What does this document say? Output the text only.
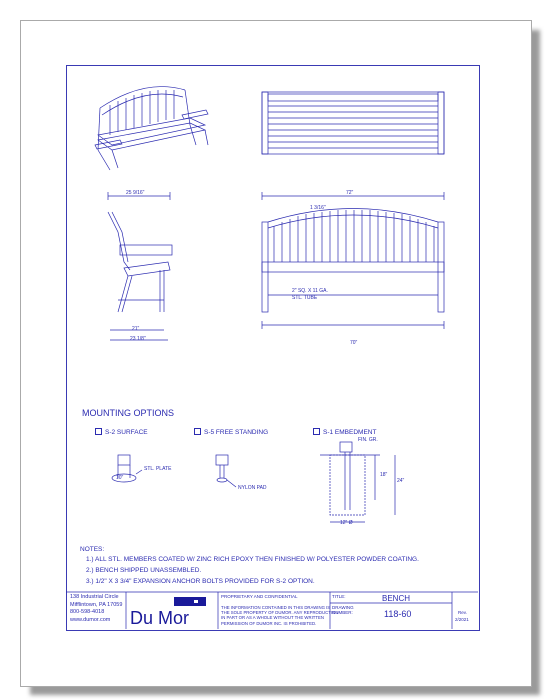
25 9/16"	72"
1 3/16"
21"
23 1/8"
70"
2" SQ. X 11 GA.
STL. TUBE
MOUNTING OPTIONS
S-2 SURFACE	S-5 FREE STANDING	S-1 EMBEDMENT
STL. PLATE
10"
NYLON PAD
FIN. GR.
18"
24"
12" Ø
NOTES:
1.) ALL STL. MEMBERS COATED W/ ZINC RICH EPOXY THEN FINISHED W/ POLYESTER POWDER COATING.
2.) BENCH SHIPPED UNASSEMBLED.
3.) 1/2" X 3 3/4" EXPANSION ANCHOR BOLTS PROVIDED FOR S-2 OPTION.
138 Industrial Circle
Mifflintown, PA 17059
800-598-4018
www.dumor.com	Du Mor
PROPRIETARY AND CONFIDENTIAL
THE INFORMATION CONTAINED IN THIS DRAWING IS
THE SOLE PROPERTY OF DUMOR. ANY REPRODUCTION
IN PART OR AS A WHOLE WITHOUT THE WRITTEN
PERMISSION OF DUMOR INC. IS PROHIBITED.
TITLE:	BENCH
DRAWING
NUMBER:	118-60	Rev.
2/2021
